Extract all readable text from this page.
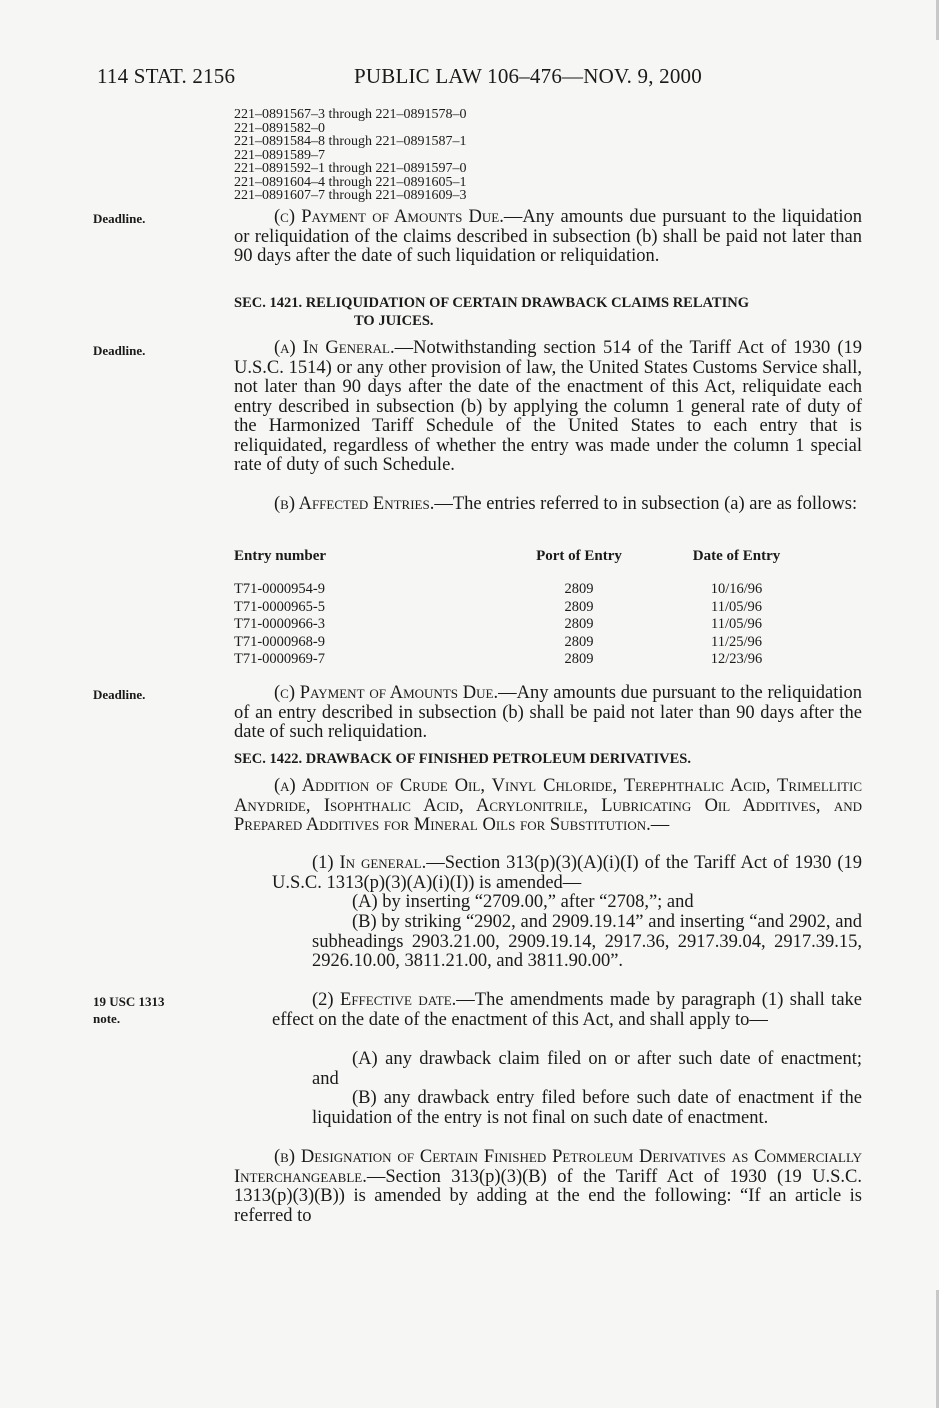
114 STAT. 2156	PUBLIC LAW 106–476—NOV. 9, 2000
221–0891567–3 through 221–0891578–0
221–0891582–0
221–0891584–8 through 221–0891587–1
221–0891589–7
221–0891592–1 through 221–0891597–0
221–0891604–4 through 221–0891605–1
221–0891607–7 through 221–0891609–3
Deadline.	(c) Payment of Amounts Due.—Any amounts due pursuant to the liquidation or reliquidation of the claims described in subsection (b) shall be paid not later than 90 days after the date of such liquidation or reliquidation.
SEC. 1421. RELIQUIDATION OF CERTAIN DRAWBACK CLAIMS RELATING
TO JUICES.
Deadline.	(a) In General.—Notwithstanding section 514 of the Tariff Act of 1930 (19 U.S.C. 1514) or any other provision of law, the United States Customs Service shall, not later than 90 days after the date of the enactment of this Act, reliquidate each entry described in subsection (b) by applying the column 1 general rate of duty of the Harmonized Tariff Schedule of the United States to each entry that is reliquidated, regardless of whether the entry was made under the column 1 special rate of duty of such Schedule.
(b) Affected Entries.—The entries referred to in subsection (a) are as follows:
Entry number	Port of Entry	Date of Entry
T71-0000954-9	2809	10/16/96
T71-0000965-5	2809	11/05/96
T71-0000966-3	2809	11/05/96
T71-0000968-9	2809	11/25/96
T71-0000969-7	2809	12/23/96
Deadline.	(c) Payment of Amounts Due.—Any amounts due pursuant to the reliquidation of an entry described in subsection (b) shall be paid not later than 90 days after the date of such reliquidation.
SEC. 1422. DRAWBACK OF FINISHED PETROLEUM DERIVATIVES.
(a) Addition of Crude Oil, Vinyl Chloride, Terephthalic Acid, Trimellitic Anydride, Isophthalic Acid, Acrylonitrile, Lubricating Oil Additives, and Prepared Additives for Mineral Oils for Substitution.—
(1) In general.—Section 313(p)(3)(A)(i)(I) of the Tariff Act of 1930 (19 U.S.C. 1313(p)(3)(A)(i)(I)) is amended—
(A) by inserting “2709.00,” after “2708,”; and
(B) by striking “2902, and 2909.19.14” and inserting “and 2902, and subheadings 2903.21.00, 2909.19.14, 2917.36, 2917.39.04, 2917.39.15, 2926.10.00, 3811.21.00, and 3811.90.00”.
19 USC 1313
note.
(2) Effective date.—The amendments made by paragraph (1) shall take effect on the date of the enactment of this Act, and shall apply to—
(A) any drawback claim filed on or after such date of enactment; and
(B) any drawback entry filed before such date of enactment if the liquidation of the entry is not final on such date of enactment.
(b) Designation of Certain Finished Petroleum Derivatives as Commercially Interchangeable.—Section 313(p)(3)(B) of the Tariff Act of 1930 (19 U.S.C. 1313(p)(3)(B)) is amended by adding at the end the following: “If an article is referred to
